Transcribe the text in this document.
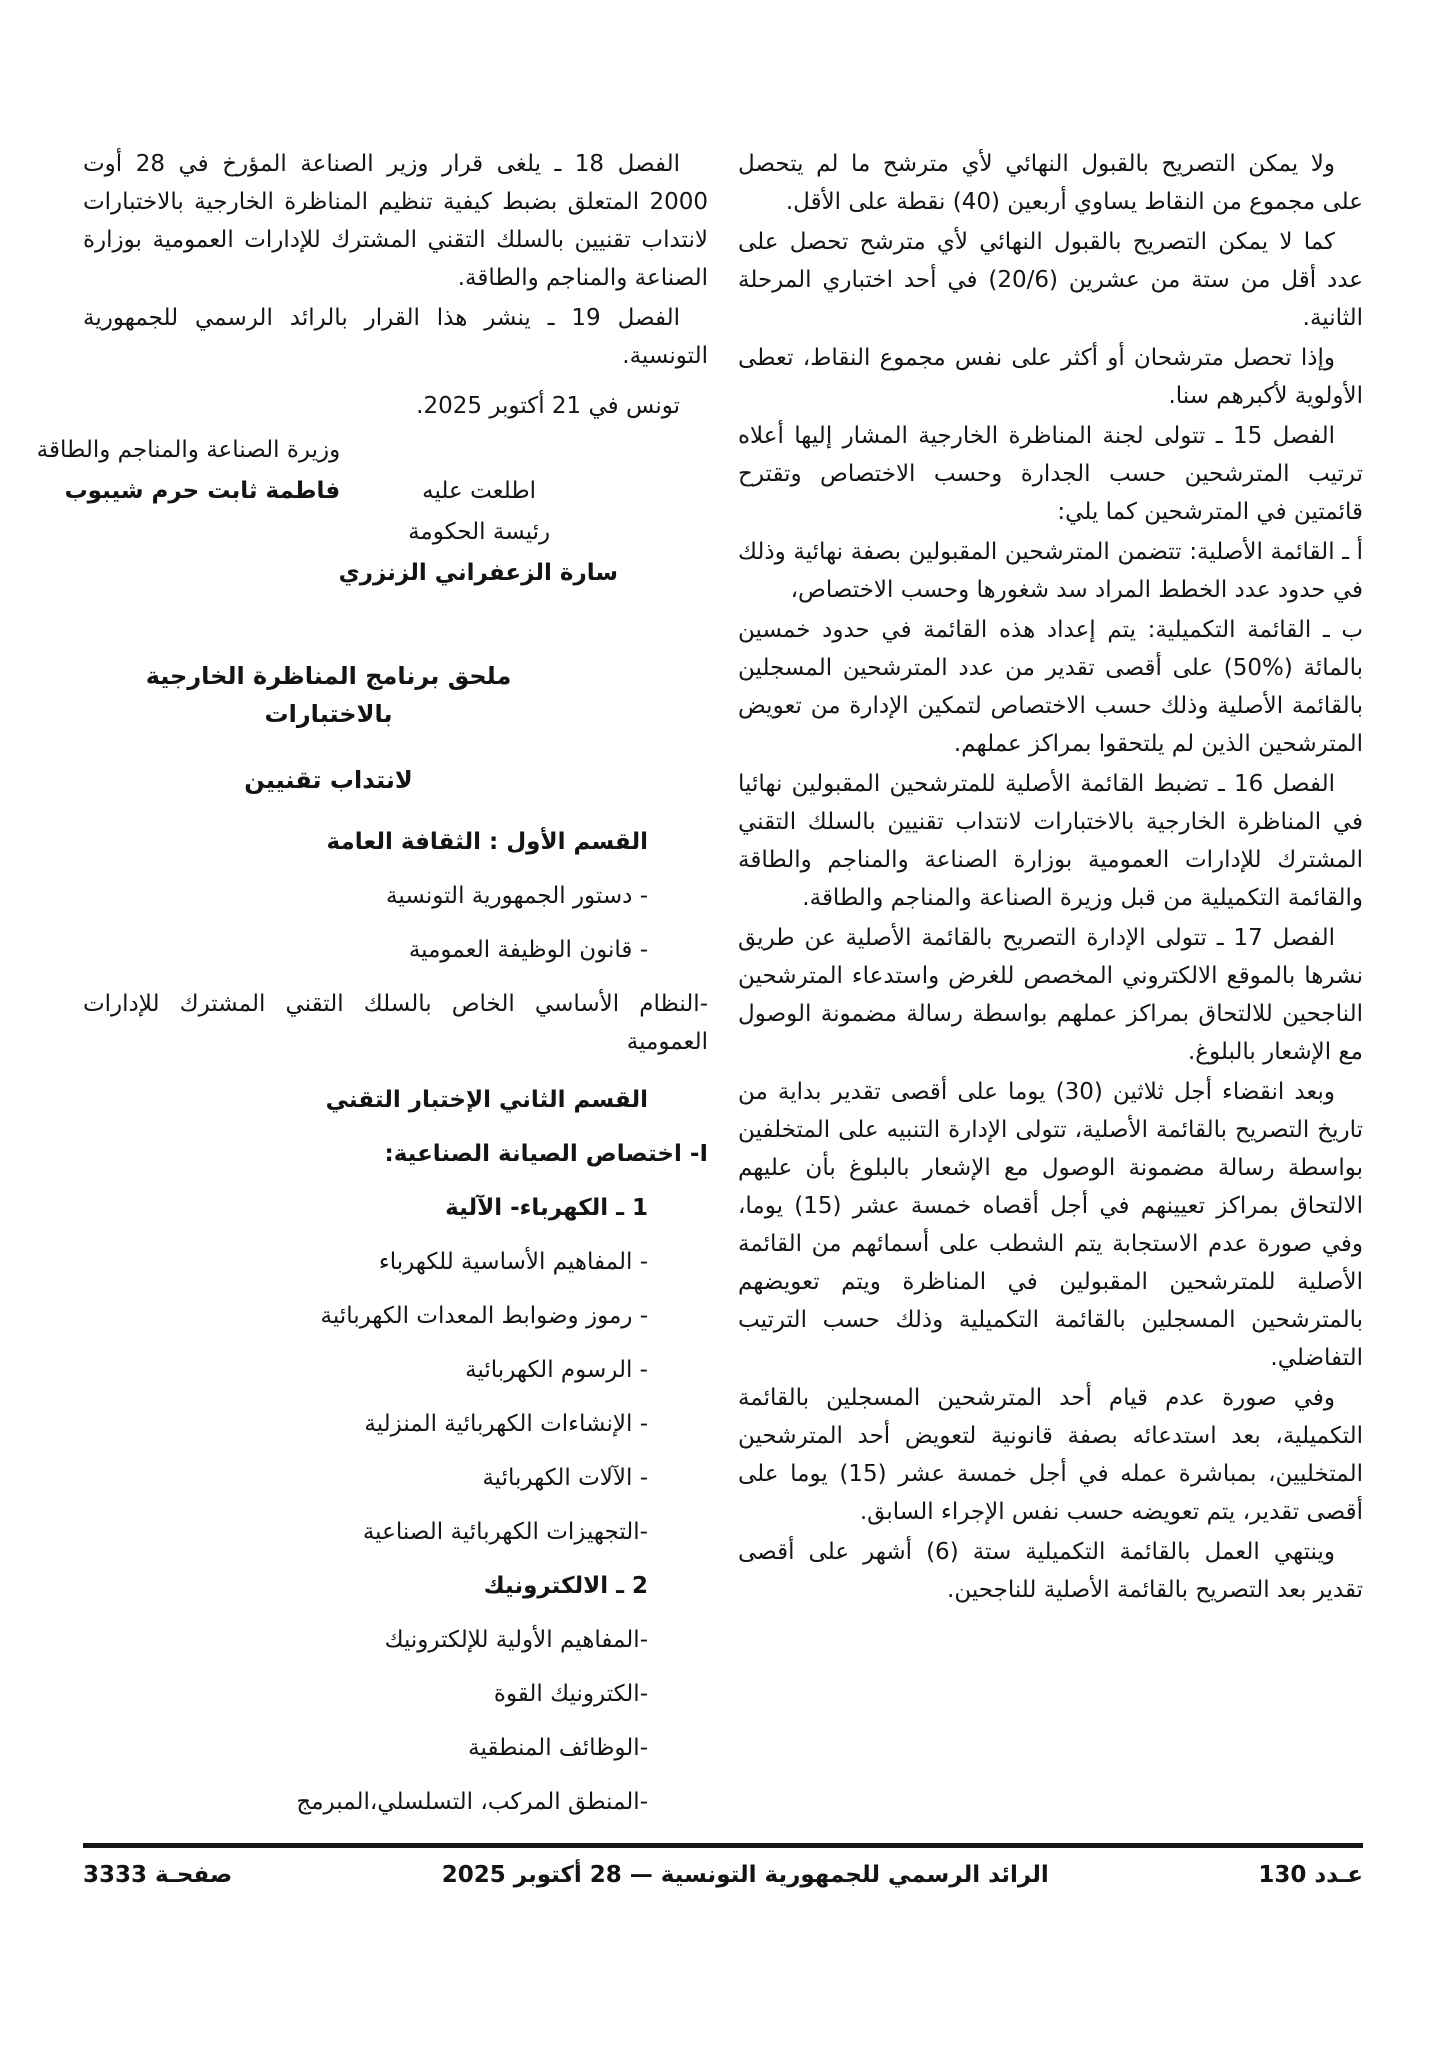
ولا يمكن التصريح بالقبول النهائي لأي مترشح ما لم يتحصل على مجموع من النقاط يساوي أربعين (40) نقطة على الأقل.

كما لا يمكن التصريح بالقبول النهائي لأي مترشح تحصل على عدد أقل من ستة من عشرين (20/6) في أحد اختباري المرحلة الثانية.

وإذا تحصل مترشحان أو أكثر على نفس مجموع النقاط، تعطى الأولوية لأكبرهم سنا.

الفصل 15 ـ تتولى لجنة المناظرة الخارجية المشار إليها أعلاه ترتيب المترشحين حسب الجدارة وحسب الاختصاص وتقترح قائمتين في المترشحين كما يلي:

أ ـ القائمة الأصلية: تتضمن المترشحين المقبولين بصفة نهائية وذلك في حدود عدد الخطط المراد سد شغورها وحسب الاختصاص،

ب ـ القائمة التكميلية: يتم إعداد هذه القائمة في حدود خمسين بالمائة (%50) على أقصى تقدير من عدد المترشحين المسجلين بالقائمة الأصلية وذلك حسب الاختصاص لتمكين الإدارة من تعويض المترشحين الذين لم يلتحقوا بمراكز عملهم.

الفصل 16 ـ تضبط القائمة الأصلية للمترشحين المقبولين نهائيا في المناظرة الخارجية بالاختبارات لانتداب تقنيين بالسلك التقني المشترك للإدارات العمومية بوزارة الصناعة والمناجم والطاقة والقائمة التكميلية من قبل وزيرة الصناعة والمناجم والطاقة.

الفصل 17 ـ تتولى الإدارة التصريح بالقائمة الأصلية عن طريق نشرها بالموقع الالكتروني المخصص للغرض واستدعاء المترشحين الناجحين للالتحاق بمراكز عملهم بواسطة رسالة مضمونة الوصول مع الإشعار بالبلوغ.

وبعد انقضاء أجل ثلاثين (30) يوما على أقصى تقدير بداية من تاريخ التصريح بالقائمة الأصلية، تتولى الإدارة التنبيه على المتخلفين بواسطة رسالة مضمونة الوصول مع الإشعار بالبلوغ بأن عليهم الالتحاق بمراكز تعيينهم في أجل أقصاه خمسة عشر (15) يوما، وفي صورة عدم الاستجابة يتم الشطب على أسمائهم من القائمة الأصلية للمترشحين المقبولين في المناظرة ويتم تعويضهم بالمترشحين المسجلين بالقائمة التكميلية وذلك حسب الترتيب التفاضلي.

وفي صورة عدم قيام أحد المترشحين المسجلين بالقائمة التكميلية، بعد استدعائه بصفة قانونية لتعويض أحد المترشحين المتخليين، بمباشرة عمله في أجل خمسة عشر (15) يوما على أقصى تقدير، يتم تعويضه حسب نفس الإجراء السابق.

وينتهي العمل بالقائمة التكميلية ستة (6) أشهر على أقصى تقدير بعد التصريح بالقائمة الأصلية للناجحين.

الفصل 18 ـ يلغى قرار وزير الصناعة المؤرخ في 28 أوت 2000 المتعلق بضبط كيفية تنظيم المناظرة الخارجية بالاختبارات لانتداب تقنيين بالسلك التقني المشترك للإدارات العمومية بوزارة الصناعة والمناجم والطاقة.

الفصل 19 ـ ينشر هذا القرار بالرائد الرسمي للجمهورية التونسية.

تونس في 21 أكتوبر 2025.

وزيرة الصناعة والمناجم والطاقة
اطلعت عليه
فاطمة ثابت حرم شيبوب
رئيسة الحكومة
سارة الزعفراني الزنزري
ملحق برنامج المناظرة الخارجية بالاختبارات
لانتداب تقنيين
القسم الأول : الثقافة العامة

- دستور الجمهورية التونسية

- قانون الوظيفة العمومية

-النظام الأساسي الخاص بالسلك التقني المشترك للإدارات العمومية

القسم الثاني الإختبار التقني
I- اختصاص الصيانة الصناعية:
1 ـ الكهرباء- الآلية

- المفاهيم الأساسية للكهرباء

- رموز وضوابط المعدات الكهربائية

- الرسوم الكهربائية

- الإنشاءات الكهربائية المنزلية

- الآلات الكهربائية

-التجهيزات الكهربائية الصناعية

2 ـ الالكترونيك

-المفاهيم الأولية للإلكترونيك

-الكترونيك القوة

-الوظائف المنطقية

-المنطق المركب، التسلسلي،المبرمج

عـدد 130
الرائد الرسمي للجمهورية التونسية — 28 أكتوبر 2025
صفحـة 3333
